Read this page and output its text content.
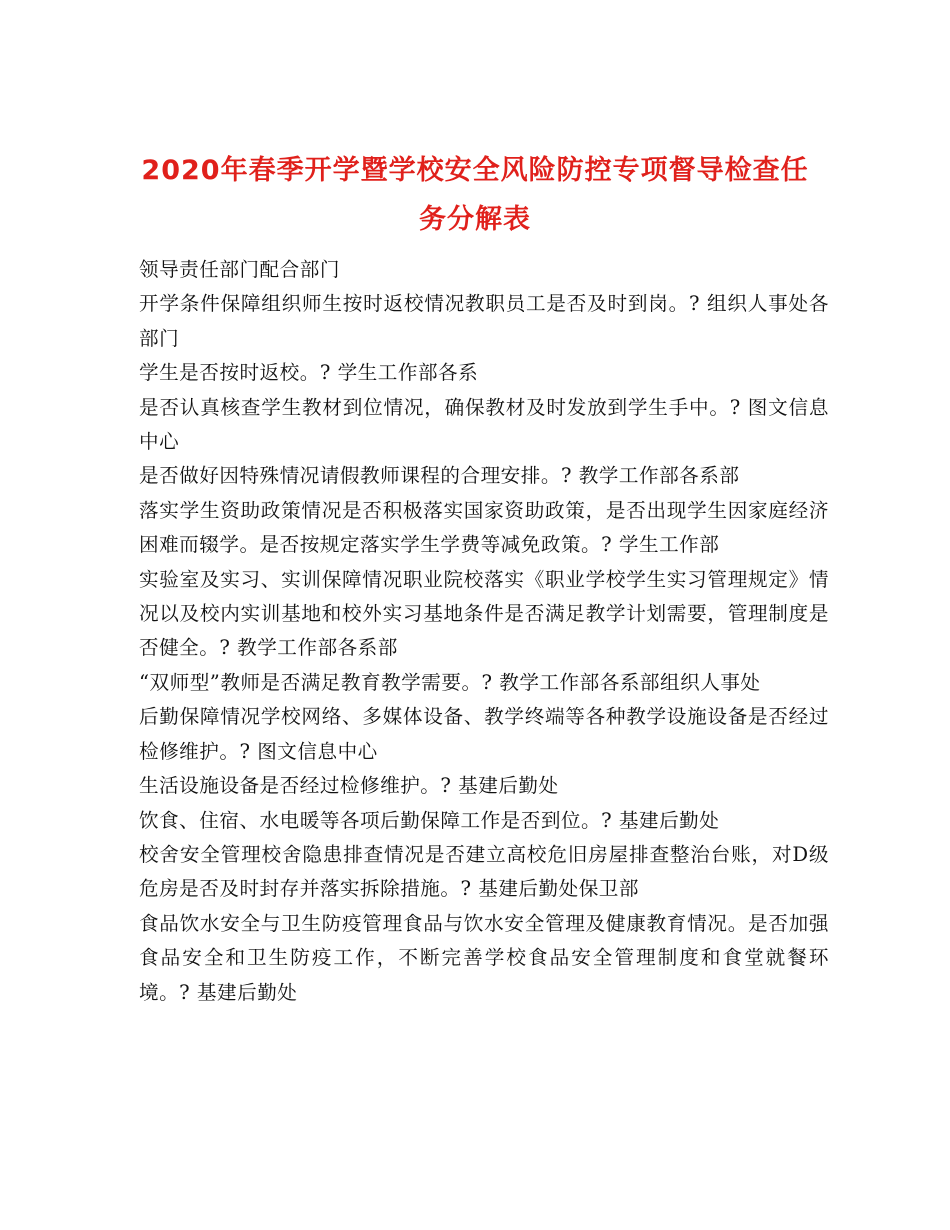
2020年春季开学暨学校安全风险防控专项督导检查任
务分解表

领导责任部门配合部门

开学条件保障组织师生按时返校情况教职员工是否及时到岗。? 组织人事处各部门

学生是否按时返校。? 学生工作部各系

是否认真核查学生教材到位情况，确保教材及时发放到学生手中。? 图文信息中心

是否做好因特殊情况请假教师课程的合理安排。? 教学工作部各系部

落实学生资助政策情况是否积极落实国家资助政策，是否出现学生因家庭经济困难而辍学。是否按规定落实学生学费等减免政策。? 学生工作部

实验室及实习、实训保障情况职业院校落实《职业学校学生实习管理规定》情况以及校内实训基地和校外实习基地条件是否满足教学计划需要，管理制度是否健全。? 教学工作部各系部

“双师型”教师是否满足教育教学需要。? 教学工作部各系部组织人事处

后勤保障情况学校网络、多媒体设备、教学终端等各种教学设施设备是否经过检修维护。? 图文信息中心

生活设施设备是否经过检修维护。? 基建后勤处

饮食、住宿、水电暖等各项后勤保障工作是否到位。? 基建后勤处

校舍安全管理校舍隐患排查情况是否建立高校危旧房屋排查整治台账，对D级危房是否及时封存并落实拆除措施。? 基建后勤处保卫部

食品饮水安全与卫生防疫管理食品与饮水安全管理及健康教育情况。是否加强食品安全和卫生防疫工作，不断完善学校食品安全管理制度和食堂就餐环境。? 基建后勤处
